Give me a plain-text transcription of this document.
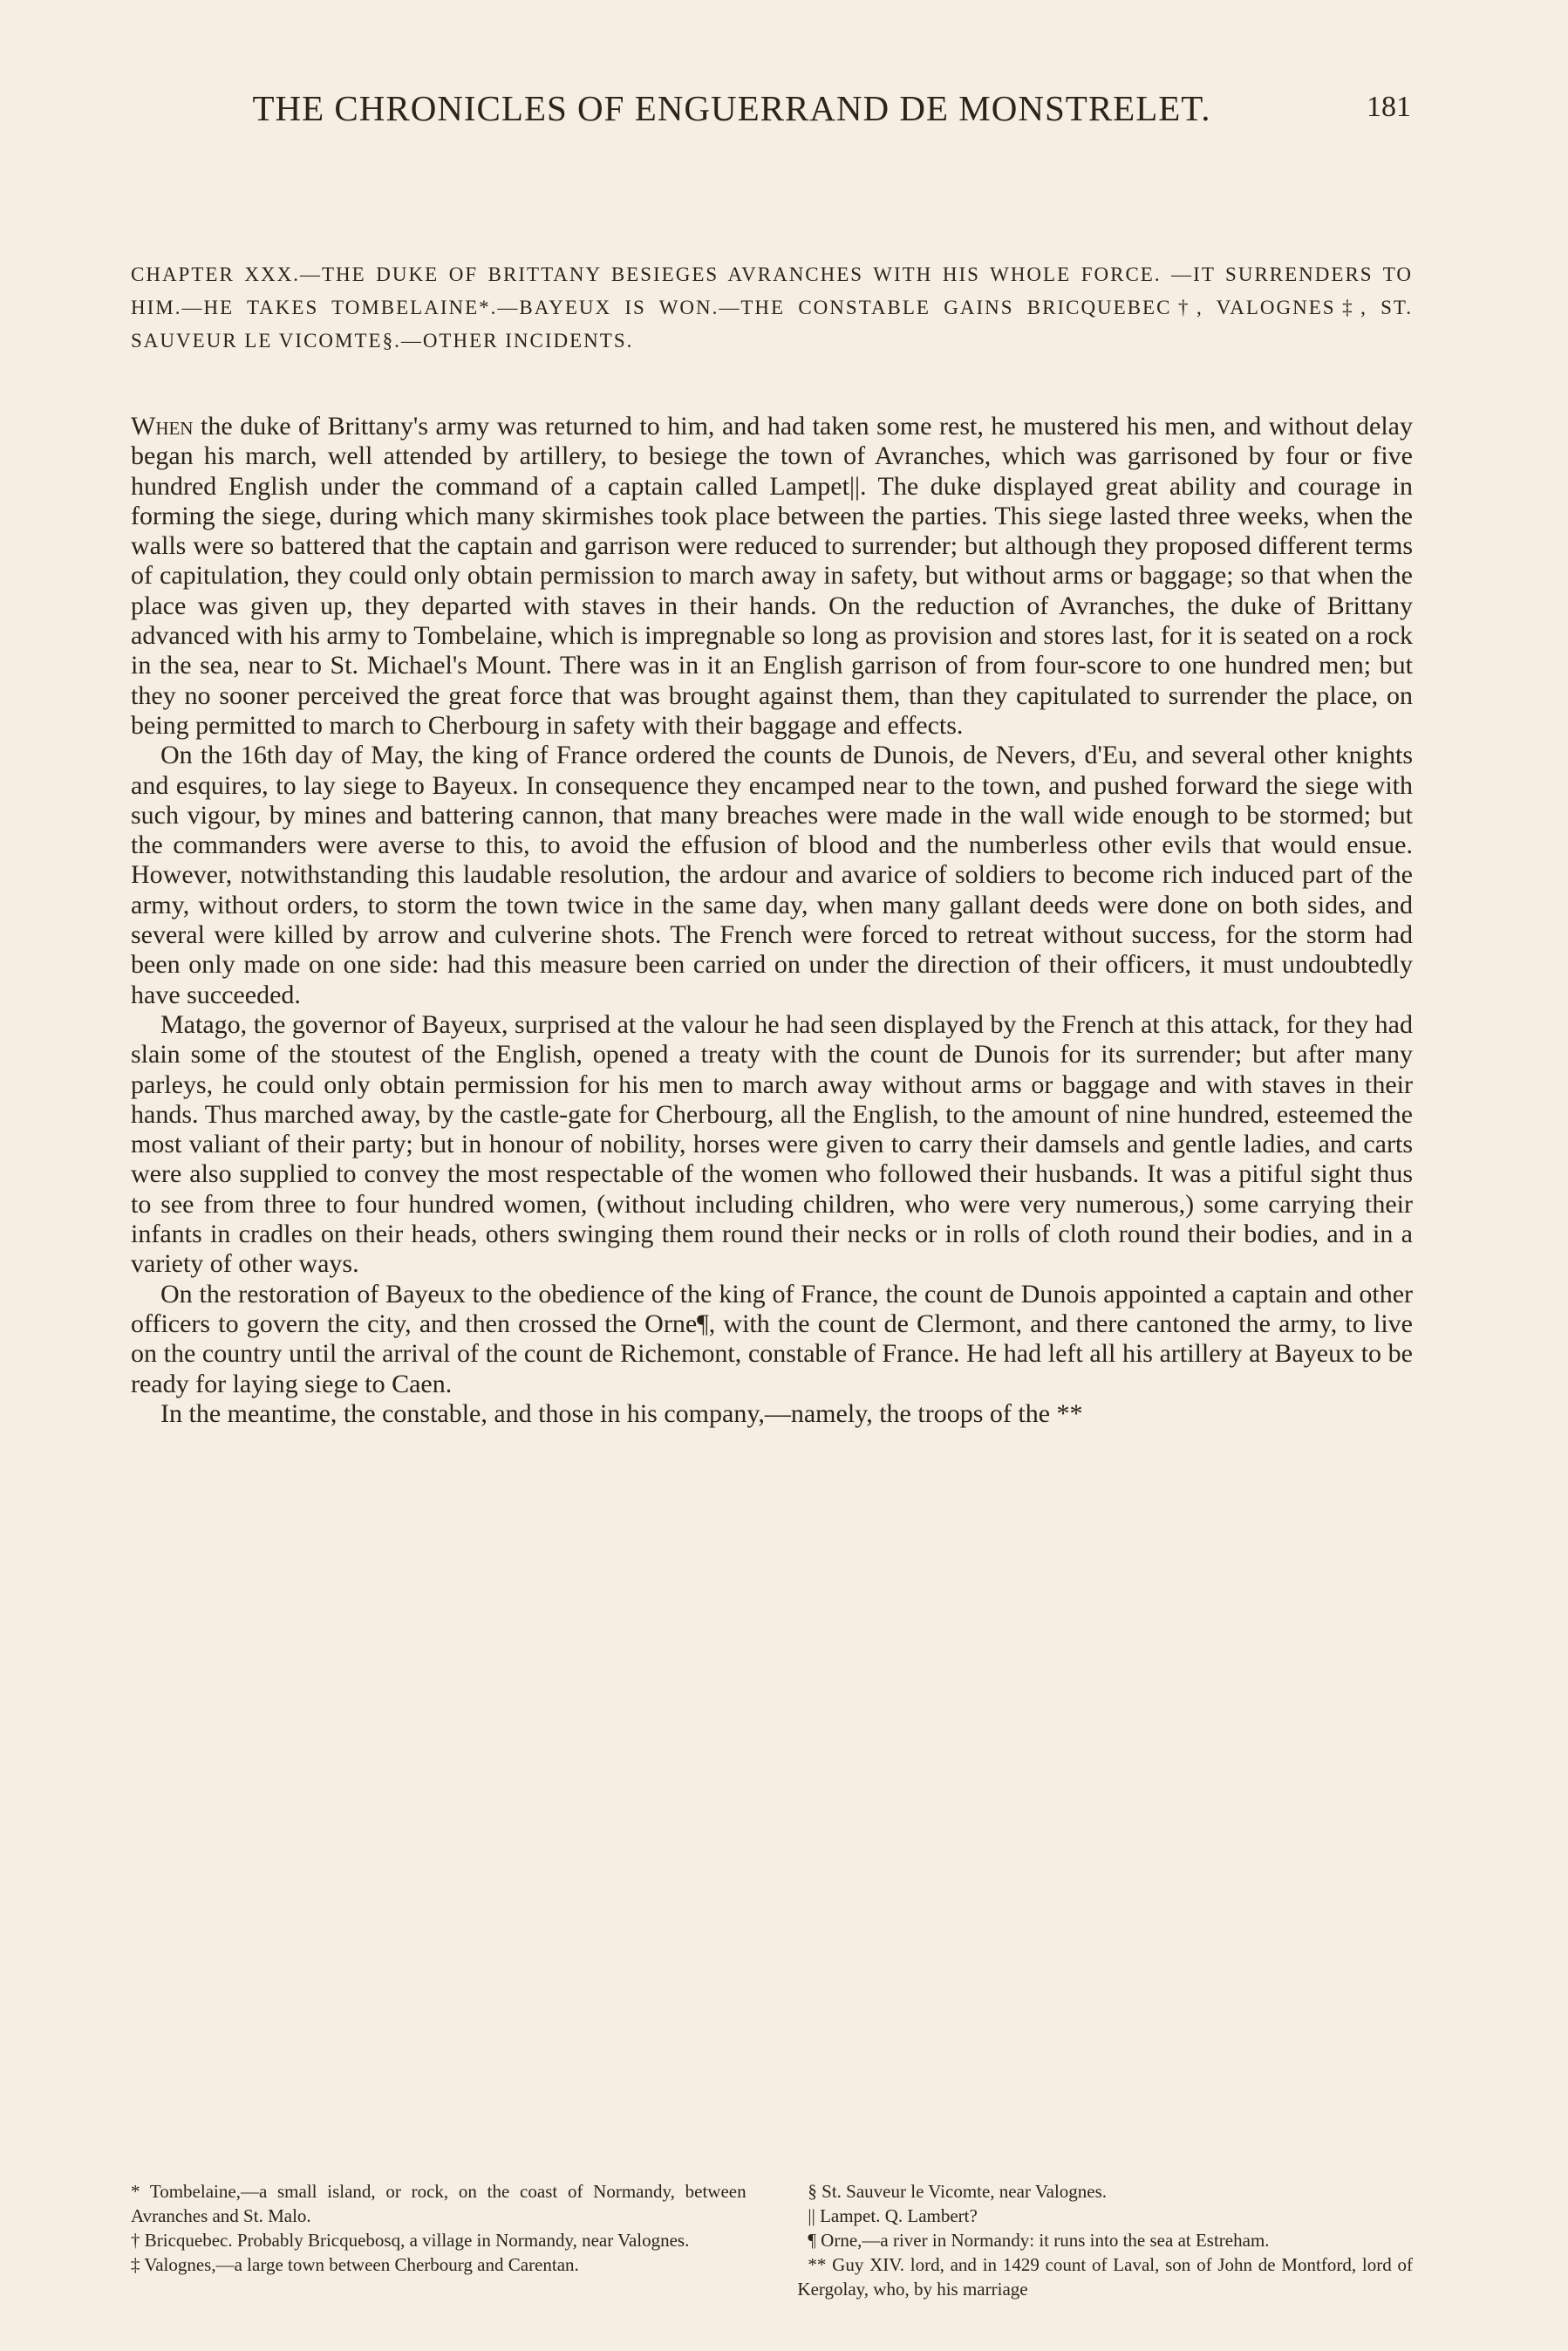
THE CHRONICLES OF ENGUERRAND DE MONSTRELET.	181
CHAPTER XXX.—THE DUKE OF BRITTANY BESIEGES AVRANCHES WITH HIS WHOLE FORCE. —IT SURRENDERS TO HIM.—HE TAKES TOMBELAINE*.—BAYEUX IS WON.—THE CONSTABLE GAINS BRICQUEBEC†, VALOGNES‡, ST. SAUVEUR LE VICOMTE§.—OTHER INCIDENTS.

When the duke of Brittany's army was returned to him, and had taken some rest, he mustered his men, and without delay began his march, well attended by artillery, to besiege the town of Avranches, which was garrisoned by four or five hundred English under the command of a captain called Lampet||. The duke displayed great ability and courage in forming the siege, during which many skirmishes took place between the parties. This siege lasted three weeks, when the walls were so battered that the captain and garrison were reduced to surrender; but although they proposed different terms of capitulation, they could only obtain permission to march away in safety, but without arms or baggage; so that when the place was given up, they departed with staves in their hands. On the reduction of Avranches, the duke of Brittany advanced with his army to Tombelaine, which is impregnable so long as provision and stores last, for it is seated on a rock in the sea, near to St. Michael's Mount. There was in it an English garrison of from four-score to one hundred men; but they no sooner perceived the great force that was brought against them, than they capitulated to surrender the place, on being permitted to march to Cherbourg in safety with their baggage and effects.

On the 16th day of May, the king of France ordered the counts de Dunois, de Nevers, d'Eu, and several other knights and esquires, to lay siege to Bayeux. In consequence they encamped near to the town, and pushed forward the siege with such vigour, by mines and battering cannon, that many breaches were made in the wall wide enough to be stormed; but the commanders were averse to this, to avoid the effusion of blood and the numberless other evils that would ensue. However, notwithstanding this laudable resolution, the ardour and avarice of soldiers to become rich induced part of the army, without orders, to storm the town twice in the same day, when many gallant deeds were done on both sides, and several were killed by arrow and culverine shots. The French were forced to retreat without success, for the storm had been only made on one side: had this measure been carried on under the direction of their officers, it must undoubtedly have succeeded.

Matago, the governor of Bayeux, surprised at the valour he had seen displayed by the French at this attack, for they had slain some of the stoutest of the English, opened a treaty with the count de Dunois for its surrender; but after many parleys, he could only obtain permission for his men to march away without arms or baggage and with staves in their hands. Thus marched away, by the castle-gate for Cherbourg, all the English, to the amount of nine hundred, esteemed the most valiant of their party; but in honour of nobility, horses were given to carry their damsels and gentle ladies, and carts were also supplied to convey the most respectable of the women who followed their husbands. It was a pitiful sight thus to see from three to four hundred women, (without including children, who were very numerous,) some carrying their infants in cradles on their heads, others swinging them round their necks or in rolls of cloth round their bodies, and in a variety of other ways.

On the restoration of Bayeux to the obedience of the king of France, the count de Dunois appointed a captain and other officers to govern the city, and then crossed the Orne¶, with the count de Clermont, and there cantoned the army, to live on the country until the arrival of the count de Richemont, constable of France. He had left all his artillery at Bayeux to be ready for laying siege to Caen.

In the meantime, the constable, and those in his company,—namely, the troops of the **

* Tombelaine,—a small island, or rock, on the coast of Normandy, between Avranches and St. Malo.

† Bricquebec. Probably Bricquebosq, a village in Normandy, near Valognes.

‡ Valognes,—a large town between Cherbourg and Carentan.

§ St. Sauveur le Vicomte, near Valognes.

|| Lampet. Q. Lambert?

¶ Orne,—a river in Normandy: it runs into the sea at Estreham.

** Guy XIV. lord, and in 1429 count of Laval, son of John de Montford, lord of Kergolay, who, by his marriage
